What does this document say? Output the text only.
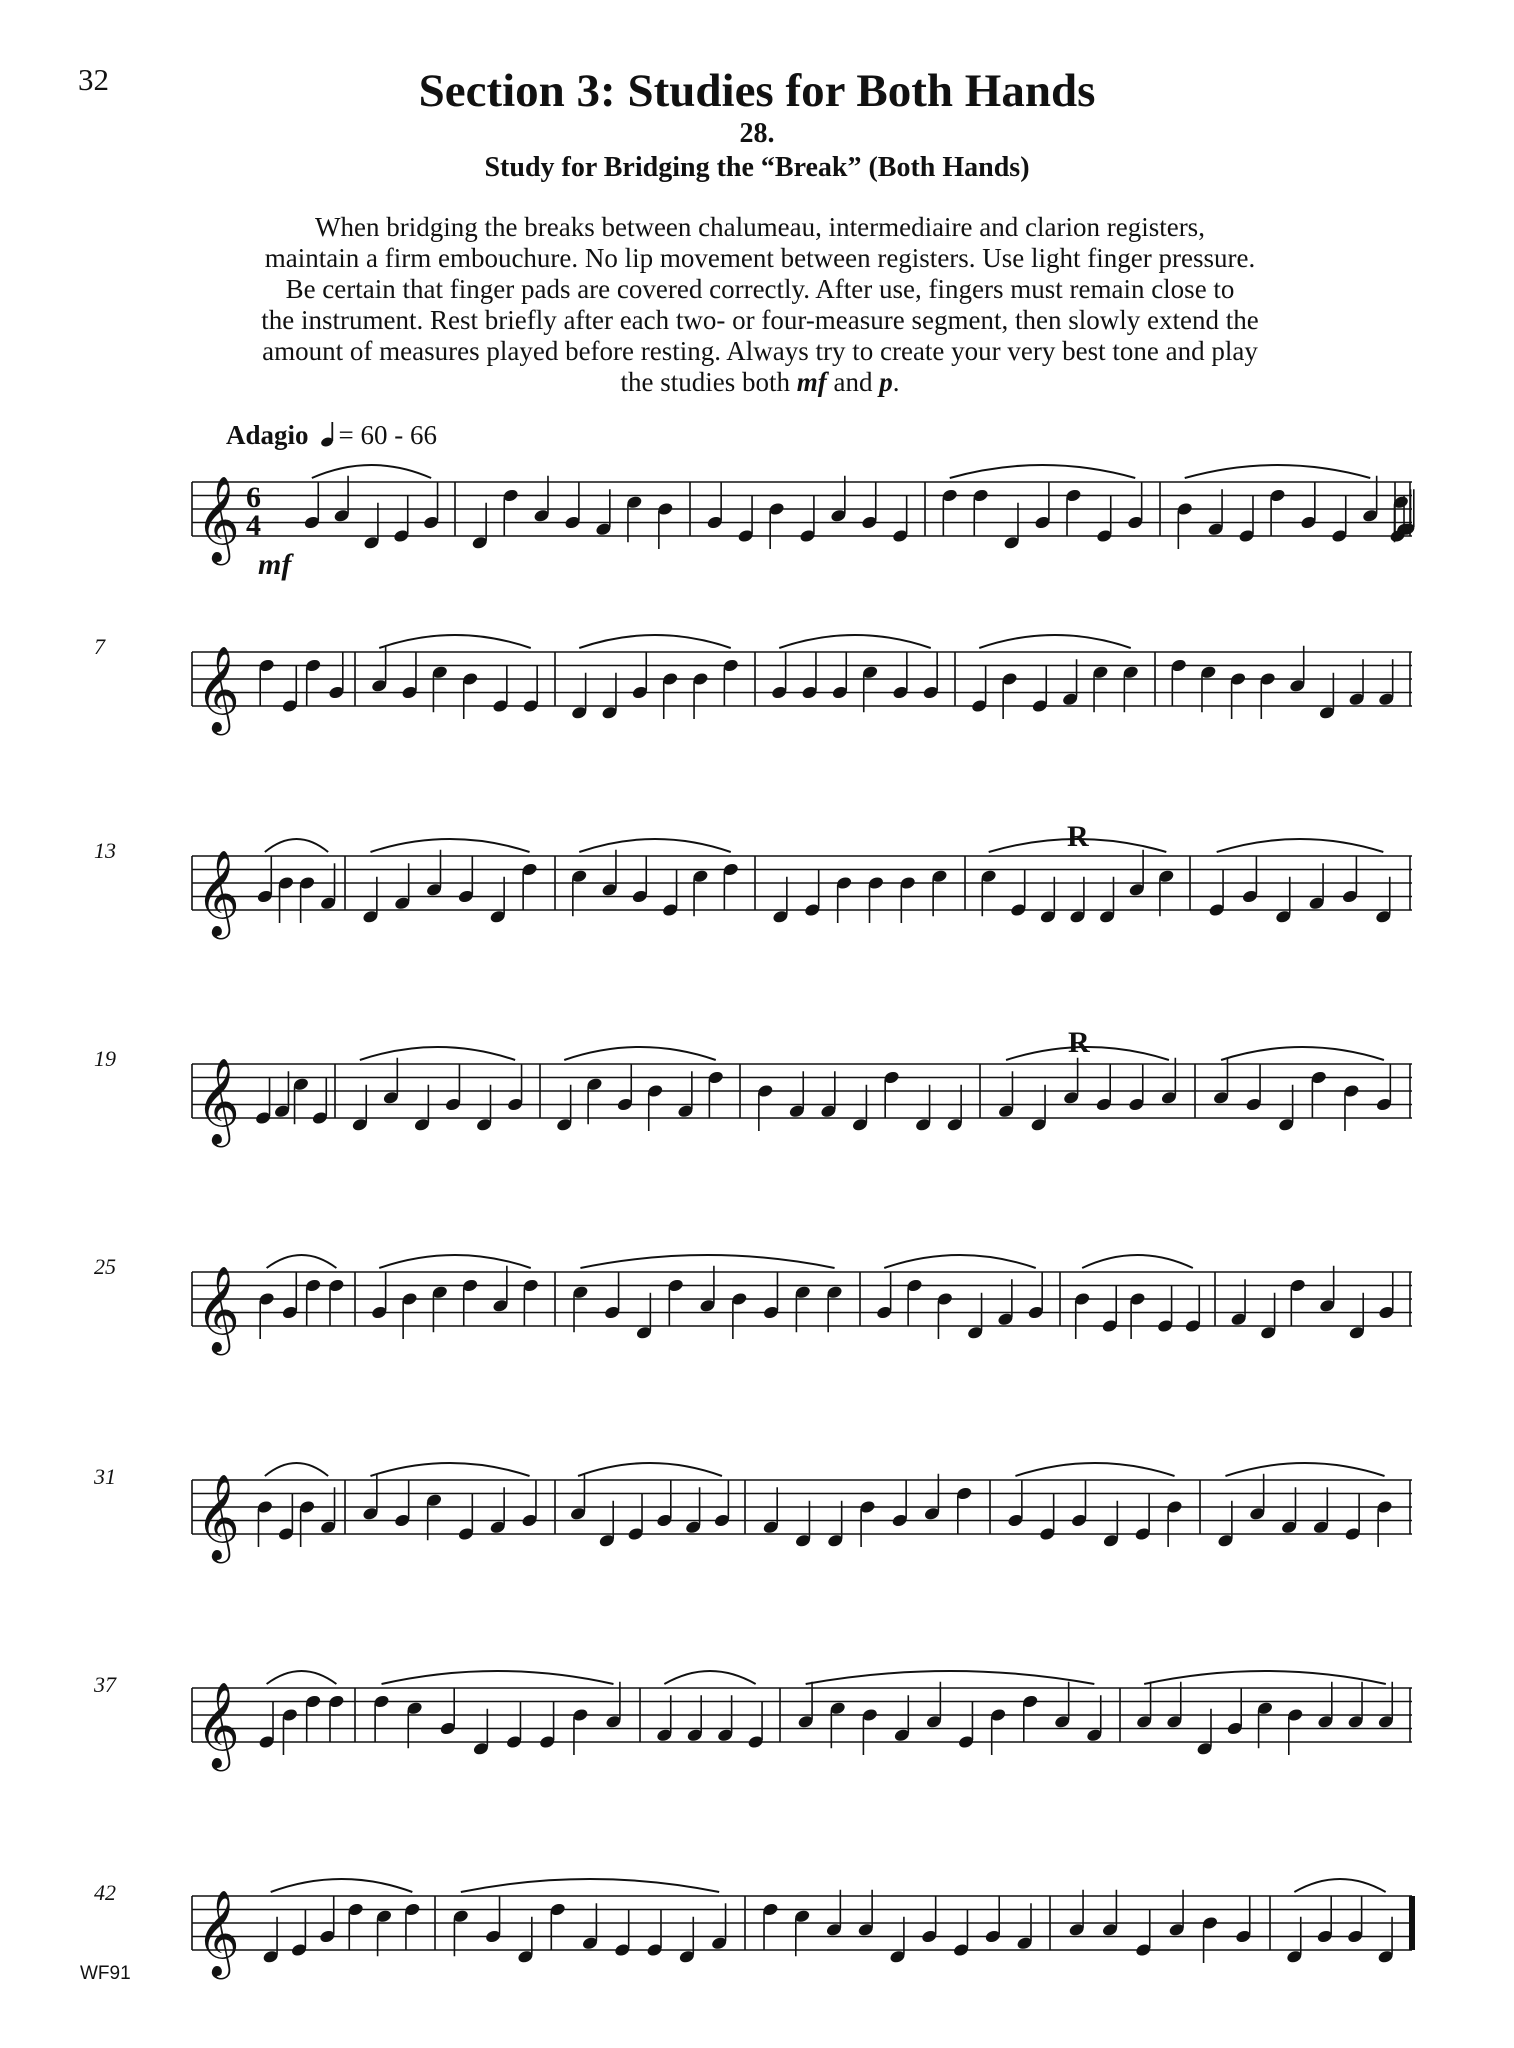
32	Section 3: Studies for Both Hands
28.
Study for Bridging the “Break” (Both Hands)

When bridging the breaks between chalumeau, intermediaire and clarion registers,

maintain a firm embouchure. No lip movement between registers. Use light finger pressure.

Be certain that finger pads are covered correctly. After use, fingers must remain close to

the instrument. Rest briefly after each two- or four-measure segment, then slowly extend the

amount of measures played before resting. Always try to create your very best tone and play

the studies both mf and p.

Adagio = 60 - 66
mf
R
R
7
13
19
25
31
37
42
𝄞 6
4
𝄞
𝄞
𝄞
𝄞
𝄞
𝄞
𝄞
WF91
